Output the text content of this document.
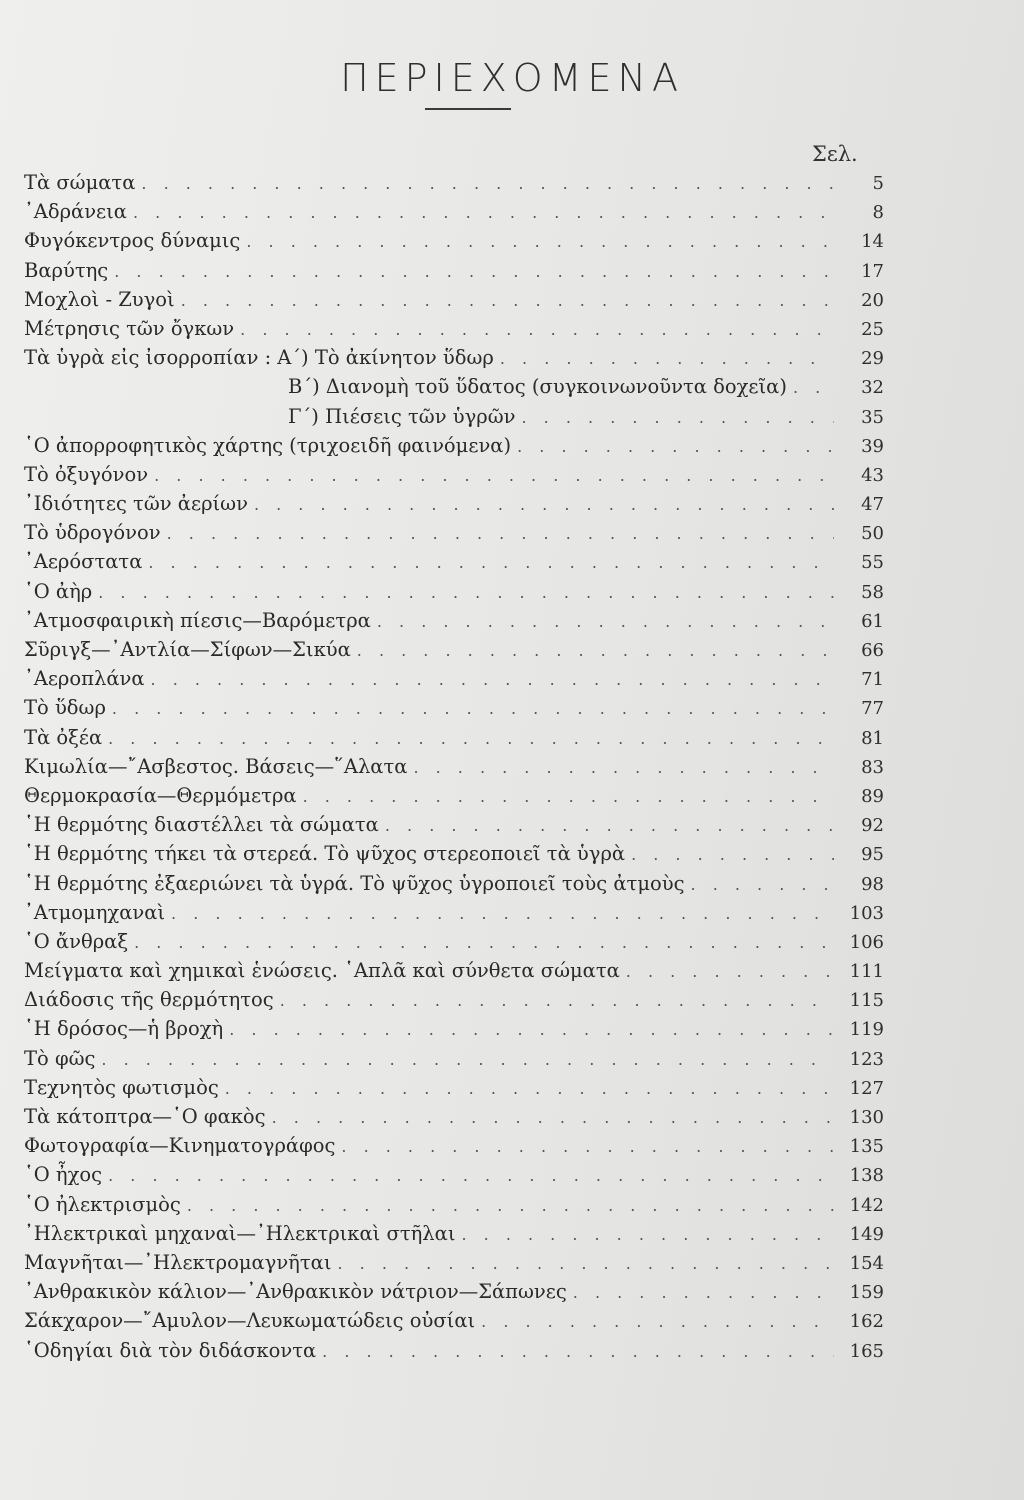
ΠΕΡΙΕΧΟΜΕΝΑ
Σελ.
Τὰ σώματα . . .	5
᾿Αδράνεια . . .	8
Φυγόκεντρος δύναμις . . .	14
Βαρύτης . . .	17
Μοχλοὶ - Ζυγοὶ . . .	20
Μέτρησις τῶν ὄγκων . . .	25
Τὰ ὑγρὰ εἰς ἰσορροπίαν : Α΄) Τὸ ἀκίνητον ὕδωρ . . .	29
Β΄) Διανομὴ τοῦ ὕδατος (συγκοινωνοῦντα δοχεῖα) . . .	32
Γ΄) Πιέσεις τῶν ὑγρῶν . . .	35
῾Ο ἀπορροφητικὸς χάρτης (τριχοειδῆ φαινόμενα) . . .	39
Τὸ ὀξυγόνον . . .	43
᾿Ιδιότητες τῶν ἀερίων . . .	47
Τὸ ὑδρογόνον . . .	50
᾿Αερόστατα . . .	55
῾Ο ἀὴρ . . .	58
᾿Ατμοσφαιρικὴ πίεσις—Βαρόμετρα . . .	61
Σῦριγξ—᾿Αντλία—Σίφων—Σικύα . . .	66
᾿Αεροπλάνα . . .	71
Τὸ ὕδωρ . . .	77
Τὰ ὀξέα . . .	81
Κιμωλία—῎Ασβεστος. Βάσεις—῞Αλατα . . .	83
Θερμοκρασία—Θερμόμετρα . . .	89
῾Η θερμότης διαστέλλει τὰ σώματα . . .	92
῾Η θερμότης τήκει τὰ στερεά. Τὸ ψῦχος στερεοποιεῖ τὰ ὑγρὰ . . .	95
῾Η θερμότης ἐξαεριώνει τὰ ὑγρά. Τὸ ψῦχος ὑγροποιεῖ τοὺς ἀτμοὺς . . .	98
᾿Ατμομηχαναὶ . . .	103
῾Ο ἄνθραξ . . .	106
Μείγματα καὶ χημικαὶ ἑνώσεις. ῾Απλᾶ καὶ σύνθετα σώματα . . .	111
Διάδοσις τῆς θερμότητος . . .	115
῾Η δρόσος—ἡ βροχὴ . . .	119
Τὸ φῶς . . .	123
Τεχνητὸς φωτισμὸς . . .	127
Τὰ κάτοπτρα—῾Ο φακὸς . . .	130
Φωτογραφία—Κινηματογράφος . . .	135
῾Ο ἦχος . . .	138
῾Ο ἠλεκτρισμὸς . . .	142
᾿Ηλεκτρικαὶ μηχαναὶ—᾿Ηλεκτρικαὶ στῆλαι . . .	149
Μαγνῆται—᾿Ηλεκτρομαγνῆται . . .	154
᾿Ανθρακικὸν κάλιον—᾿Ανθρακικὸν νάτριον—Σάπωνες . . .	159
Σάκχαρον—῎Αμυλον—Λευκωματώδεις οὐσίαι . . .	162
῾Οδηγίαι διὰ τὸν διδάσκοντα . . .	165
